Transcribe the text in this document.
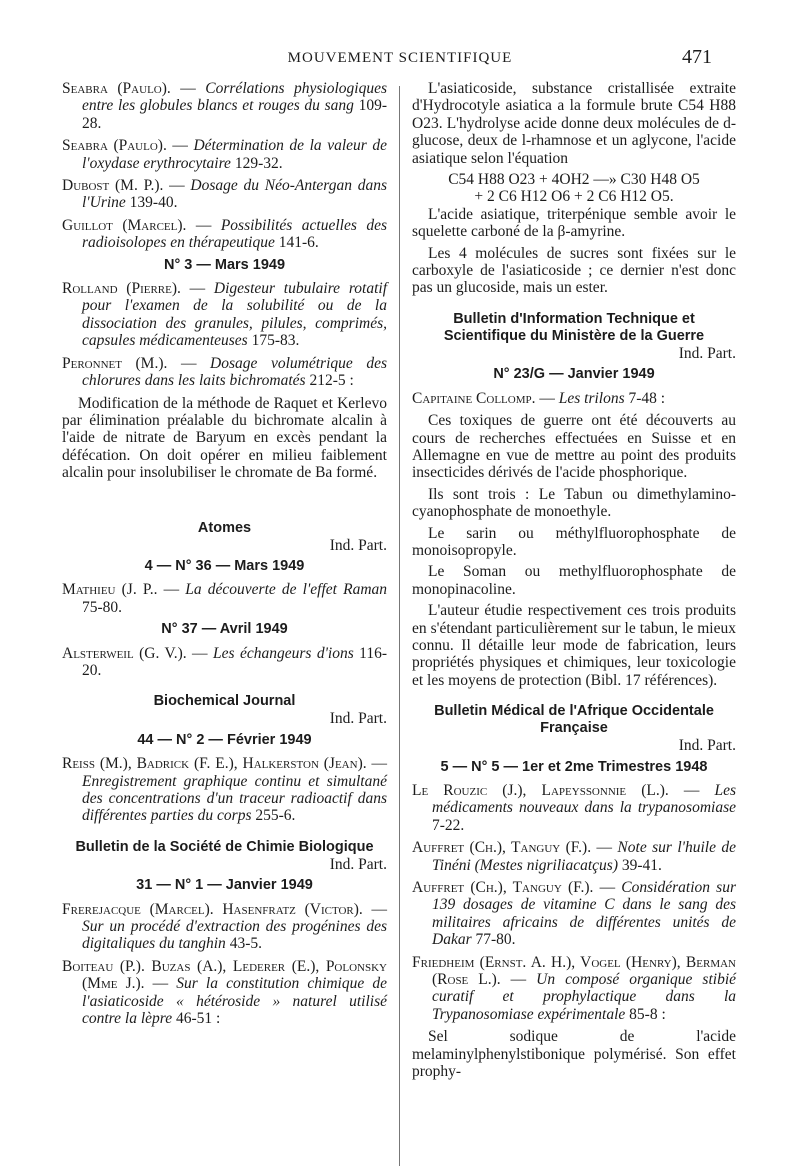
MOUVEMENT SCIENTIFIQUE	471

Seabra (Paulo). — Corrélations physiologiques entre les globules blancs et rouges du sang 109-28.

Seabra (Paulo). — Détermination de la valeur de l'oxydase erythrocytaire 129-32.

Dubost (M. P.). — Dosage du Néo-Antergan dans l'Urine 139-40.

Guillot (Marcel). — Possibilités actuelles des radioisolopes en thérapeutique 141-6.

N° 3 — Mars 1949

Rolland (Pierre). — Digesteur tubulaire rotatif pour l'examen de la solubilité ou de la dissociation des granules, pilules, comprimés, capsules médicamenteuses 175-83.

Peronnet (M.). — Dosage volumétrique des chlorures dans les laits bichromatés 212-5 :

Modification de la méthode de Raquet et Kerlevo par élimination préalable du bichromate alcalin à l'aide de nitrate de Baryum en excès pendant la défécation. On doit opérer en milieu faiblement alcalin pour insolubiliser le chromate de Ba formé.

Atomes

Ind. Part.

4 — N° 36 — Mars 1949

Mathieu (J. P.. — La découverte de l'effet Raman 75-80.

N° 37 — Avril 1949

Alsterweil (G. V.). — Les échangeurs d'ions 116-20.

Biochemical Journal

Ind. Part.

44 — N° 2 — Février 1949

Reiss (M.), Badrick (F. E.), Halkerston (Jean). — Enregistrement graphique continu et simultané des concentrations d'un traceur radioactif dans différentes parties du corps 255-6.

Bulletin de la Société de Chimie Biologique

Ind. Part.

31 — N° 1 — Janvier 1949

Frerejacque (Marcel). Hasenfratz (Victor). — Sur un procédé d'extraction des progénines des digitaliques du tanghin 43-5.

Boiteau (P.). Buzas (A.), Lederer (E.), Polonsky (Mme J.). — Sur la constitution chimique de l'asiaticoside « hétéroside » naturel utilisé contre la lèpre 46-51 :

L'asiaticoside, substance cristallisée extraite d'Hydrocotyle asiatica a la formule brute C54 H88 O23. L'hydrolyse acide donne deux molécules de d-glucose, deux de l-rhamnose et un aglycone, l'acide asiatique selon l'équation

C54 H88 O23 + 4OH2 —» C30 H48 O5

+ 2 C6 H12 O6 + 2 C6 H12 O5.

L'acide asiatique, triterpénique semble avoir le squelette carboné de la β-amyrine.

Les 4 molécules de sucres sont fixées sur le carboxyle de l'asiaticoside ; ce dernier n'est donc pas un glucoside, mais un ester.

Bulletin d'Information Technique et Scientifique du Ministère de la Guerre

Ind. Part.

N° 23/G — Janvier 1949

Capitaine Collomp. — Les trilons 7-48 :

Ces toxiques de guerre ont été découverts au cours de recherches effectuées en Suisse et en Allemagne en vue de mettre au point des produits insecticides dérivés de l'acide phosphorique.

Ils sont trois : Le Tabun ou dimethylamino-cyanophosphate de monoethyle.

Le sarin ou méthylfluorophosphate de monoisopropyle.

Le Soman ou methylfluorophosphate de monopinacoline.

L'auteur étudie respectivement ces trois produits en s'étendant particulièrement sur le tabun, le mieux connu. Il détaille leur mode de fabrication, leurs propriétés physiques et chimiques, leur toxicologie et les moyens de protection (Bibl. 17 références).

Bulletin Médical de l'Afrique Occidentale Française

Ind. Part.

5 — N° 5 — 1er et 2me Trimestres 1948

Le Rouzic (J.), Lapeyssonnie (L.). — Les médicaments nouveaux dans la trypanosomiase 7-22.

Auffret (Ch.), Tanguy (F.). — Note sur l'huile de Tinéni (Mestes nigriliacatçus) 39-41.

Auffret (Ch.), Tanguy (F.). — Considération sur 139 dosages de vitamine C dans le sang des militaires africains de différentes unités de Dakar 77-80.

Friedheim (Ernst. A. H.), Vogel (Henry), Berman (Rose L.). — Un composé organique stibié curatif et prophylactique dans la Trypanosomiase expérimentale 85-8 :

Sel sodique de l'acide melaminylphenylstibonique polymérisé. Son effet prophy-
